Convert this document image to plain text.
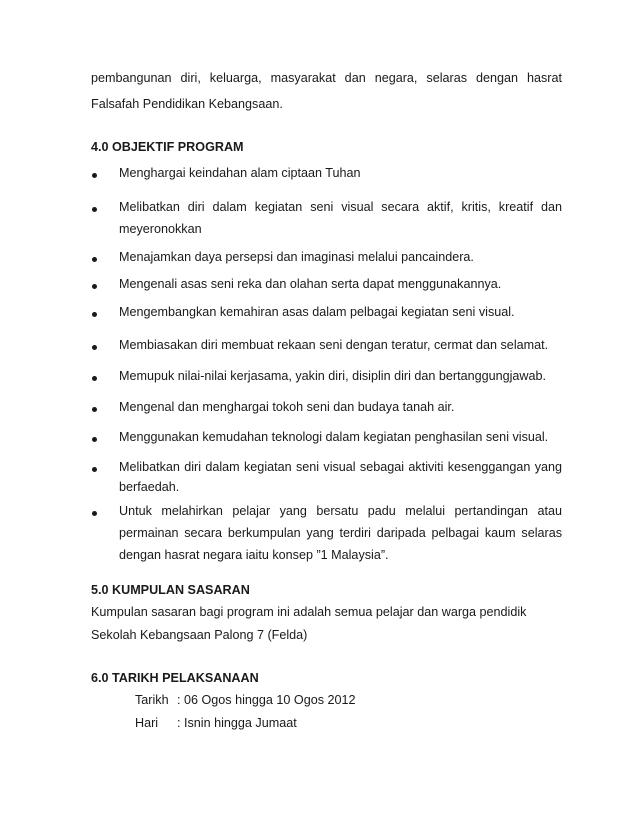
pembangunan diri, keluarga, masyarakat dan negara, selaras dengan hasrat
Falsafah Pendidikan Kebangsaan.
4.0 OBJEKTIF PROGRAM
Menghargai keindahan alam ciptaan Tuhan
Melibatkan diri dalam kegiatan seni visual secara aktif, kritis, kreatif dan
meyeronokkan
Menajamkan daya persepsi dan imaginasi melalui pancaindera.
Mengenali asas seni reka dan olahan serta dapat menggunakannya.
Mengembangkan kemahiran asas dalam pelbagai kegiatan seni visual.
Membiasakan diri membuat rekaan seni dengan teratur, cermat dan selamat.
Memupuk nilai-nilai kerjasama, yakin diri, disiplin diri dan bertanggungjawab.
Mengenal dan menghargai tokoh seni dan budaya tanah air.
Menggunakan kemudahan teknologi dalam kegiatan penghasilan seni visual.
Melibatkan diri dalam kegiatan seni visual sebagai aktiviti kesenggangan yang
berfaedah.
Untuk melahirkan pelajar yang bersatu padu melalui pertandingan atau
permainan secara berkumpulan yang terdiri daripada pelbagai kaum selaras
dengan hasrat negara iaitu konsep ”1 Malaysia”.
5.0 KUMPULAN SASARAN
Kumpulan sasaran bagi program ini adalah semua pelajar dan warga pendidik
Sekolah Kebangsaan Palong 7 (Felda)
6.0 TARIKH PELAKSANAAN
Tarikh : 06 Ogos hingga 10 Ogos 2012
Hari : Isnin hingga Jumaat
